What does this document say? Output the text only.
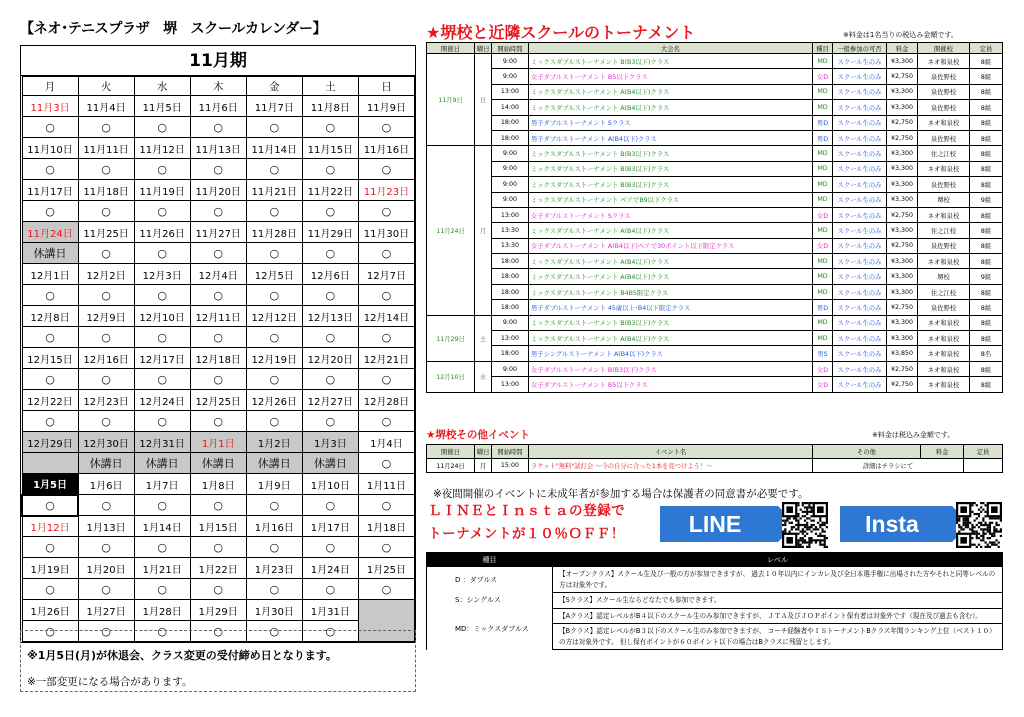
【ネオ･テニスプラザ　堺　スクールカレンダー】
11月期
月	火	水	木	金	土	日
11月3日	11月4日	11月5日	11月6日	11月7日	11月8日	11月9日
○	○	○	○	○	○	○
11月10日	11月11日	11月12日	11月13日	11月14日	11月15日	11月16日
○	○	○	○	○	○	○
11月17日	11月18日	11月19日	11月20日	11月21日	11月22日	11月23日
○	○	○	○	○	○	○
11月24日	11月25日	11月26日	11月27日	11月28日	11月29日	11月30日
休講日	○	○	○	○	○	○
12月1日	12月2日	12月3日	12月4日	12月5日	12月6日	12月7日
○	○	○	○	○	○	○
12月8日	12月9日	12月10日	12月11日	12月12日	12月13日	12月14日
○	○	○	○	○	○	○
12月15日	12月16日	12月17日	12月18日	12月19日	12月20日	12月21日
○	○	○	○	○	○	○
12月22日	12月23日	12月24日	12月25日	12月26日	12月27日	12月28日
○	○	○	○	○	○	○
12月29日	12月30日	12月31日	1月1日	1月2日	1月3日	1月4日
	休講日	休講日	休講日	休講日	休講日	○
1月5日	1月6日	1月7日	1月8日	1月9日	1月10日	1月11日
○	○	○	○	○	○	○
1月12日	1月13日	1月14日	1月15日	1月16日	1月17日	1月18日
○	○	○	○	○	○	○
1月19日	1月20日	1月21日	1月22日	1月23日	1月24日	1月25日
○	○	○	○	○	○	○
1月26日	1月27日	1月28日	1月29日	1月30日	1月31日	
○	○	○	○	○	○	
※1月5日(月)が休退会、クラス変更の受付締め日となります。
※一部変更になる場合があります。
★堺校と近隣スクールのトーナメント	※料金は1名当りの税込み金額です。
開催日	曜日	開始時間	大会名	種目	一般参加の可否	料金	開催校	定員
11月9日	日	9:00	ミックスダブルストーナメント B(B3以下)クラス	MD	スクール生のみ	¥3,300	ネオ和泉校	8組
		9:00	女子ダブルストーナメント B5以下クラス	女D	スクール生のみ	¥2,750	泉佐野校	8組
		13:00	ミックスダブルストーナメント A(B4以下)クラス	MD	スクール生のみ	¥3,300	泉佐野校	8組
		14:00	ミックスダブルストーナメント A(B4以下)クラス	MD	スクール生のみ	¥3,300	泉佐野校	8組
		18:00	男子ダブルストーナメント Sクラス	男D	スクール生のみ	¥2,750	ネオ和泉校	8組
		18:00	男子ダブルストーナメント A(B4以下)クラス	男D	スクール生のみ	¥2,750	泉佐野校	8組
11月24日	月	9:00	ミックスダブルストーナメント B(B3以下)クラス	MD	スクール生のみ	¥3,300	住之江校	8組
		9:00	ミックスダブルストーナメント B(B3以下)クラス	MD	スクール生のみ	¥3,300	ネオ和泉校	8組
		9:00	ミックスダブルストーナメント B(B3以下)クラス	MD	スクール生のみ	¥3,300	泉佐野校	8組
		9:00	ミックスダブルストーナメント ペアでB9以下クラス	MD	スクール生のみ	¥3,300	堺校	9組
		13:00	女子ダブルストーナメント Sクラス	女D	スクール生のみ	¥2,750	ネオ和泉校	8組
		13:30	ミックスダブルストーナメント A(B4以下)クラス	MD	スクール生のみ	¥3,300	住之江校	8組
		13:30	女子ダブルストーナメント A(B4以下)ペアで30ポイント以下限定クラス	女D	スクール生のみ	¥2,750	泉佐野校	8組
		18:00	ミックスダブルストーナメント A(B4以下)クラス	MD	スクール生のみ	¥3,300	ネオ和泉校	8組
		18:00	ミックスダブルストーナメント A(B4以下)クラス	MD	スクール生のみ	¥3,300	堺校	9組
		18:00	ミックスダブルストーナメント B4B5限定クラス	MD	スクール生のみ	¥3,300	住之江校	8組
		18:00	男子ダブルストーナメント 45歳以上･B4以下限定クラス	男D	スクール生のみ	¥2,750	泉佐野校	8組
11月29日	土	9:00	ミックスダブルストーナメント B(B3以下)クラス	MD	スクール生のみ	¥3,300	ネオ和泉校	8組
		13:00	ミックスダブルストーナメント A(B4以下)クラス	MD	スクール生のみ	¥3,300	ネオ和泉校	8組
		18:00	男子シングルストーナメント A(B4以下)クラス	男S	スクール生のみ	¥3,850	ネオ和泉校	8名
12月10日	水	9:00	女子ダブルストーナメント B(B3以下)クラス	女D	スクール生のみ	¥2,750	ネオ和泉校	8組
		13:00	女子ダブルストーナメント B5以下クラス	女D	スクール生のみ	¥2,750	ネオ和泉校	8組
★堺校その他イベント	※料金は税込み金額です。
開催日	曜日	開始時間	イベント名	その他	料金	定員
11月24日	月	15:00	ラケット"無料"試打会 ～今の自分に合った1本を見つけよう！～	詳細はチラシにて		
※夜間開催のイベントに未成年者が参加する場合は保護者の同意書が必要です。
ＬＩＮＥとＩｎｓｔａの登録で
トーナメントが１０％ＯＦＦ！	LINE	Insta
種目	レベル
D ：ダブルス	【オープンクラス】スクール生及び一般の方が参加できますが、 過去１０年以内にインカレ及び全日本選手権に出場された方やそれと同等レベルの方は対象外です。
S：シングルス	【Sクラス】スクール生ならどなたでも参加できます。
MD：ミックスダブルス	【Aクラス】認定レベルがB４以下のスクール生のみ参加できますが、 ＪＴＡ及びＪＯＰポイント保有者は対象外です（現在及び過去も含む）。
	【Bクラス】認定レベルがB３以下のスクール生のみ参加できますが、 コーチ経験者やＩＳトーナメントBクラス年間ランキング上位（ベスト１０）の方は対象外です。 但し保有ポイントが６０ポイント以下の場合はBクラスに残留とします。
